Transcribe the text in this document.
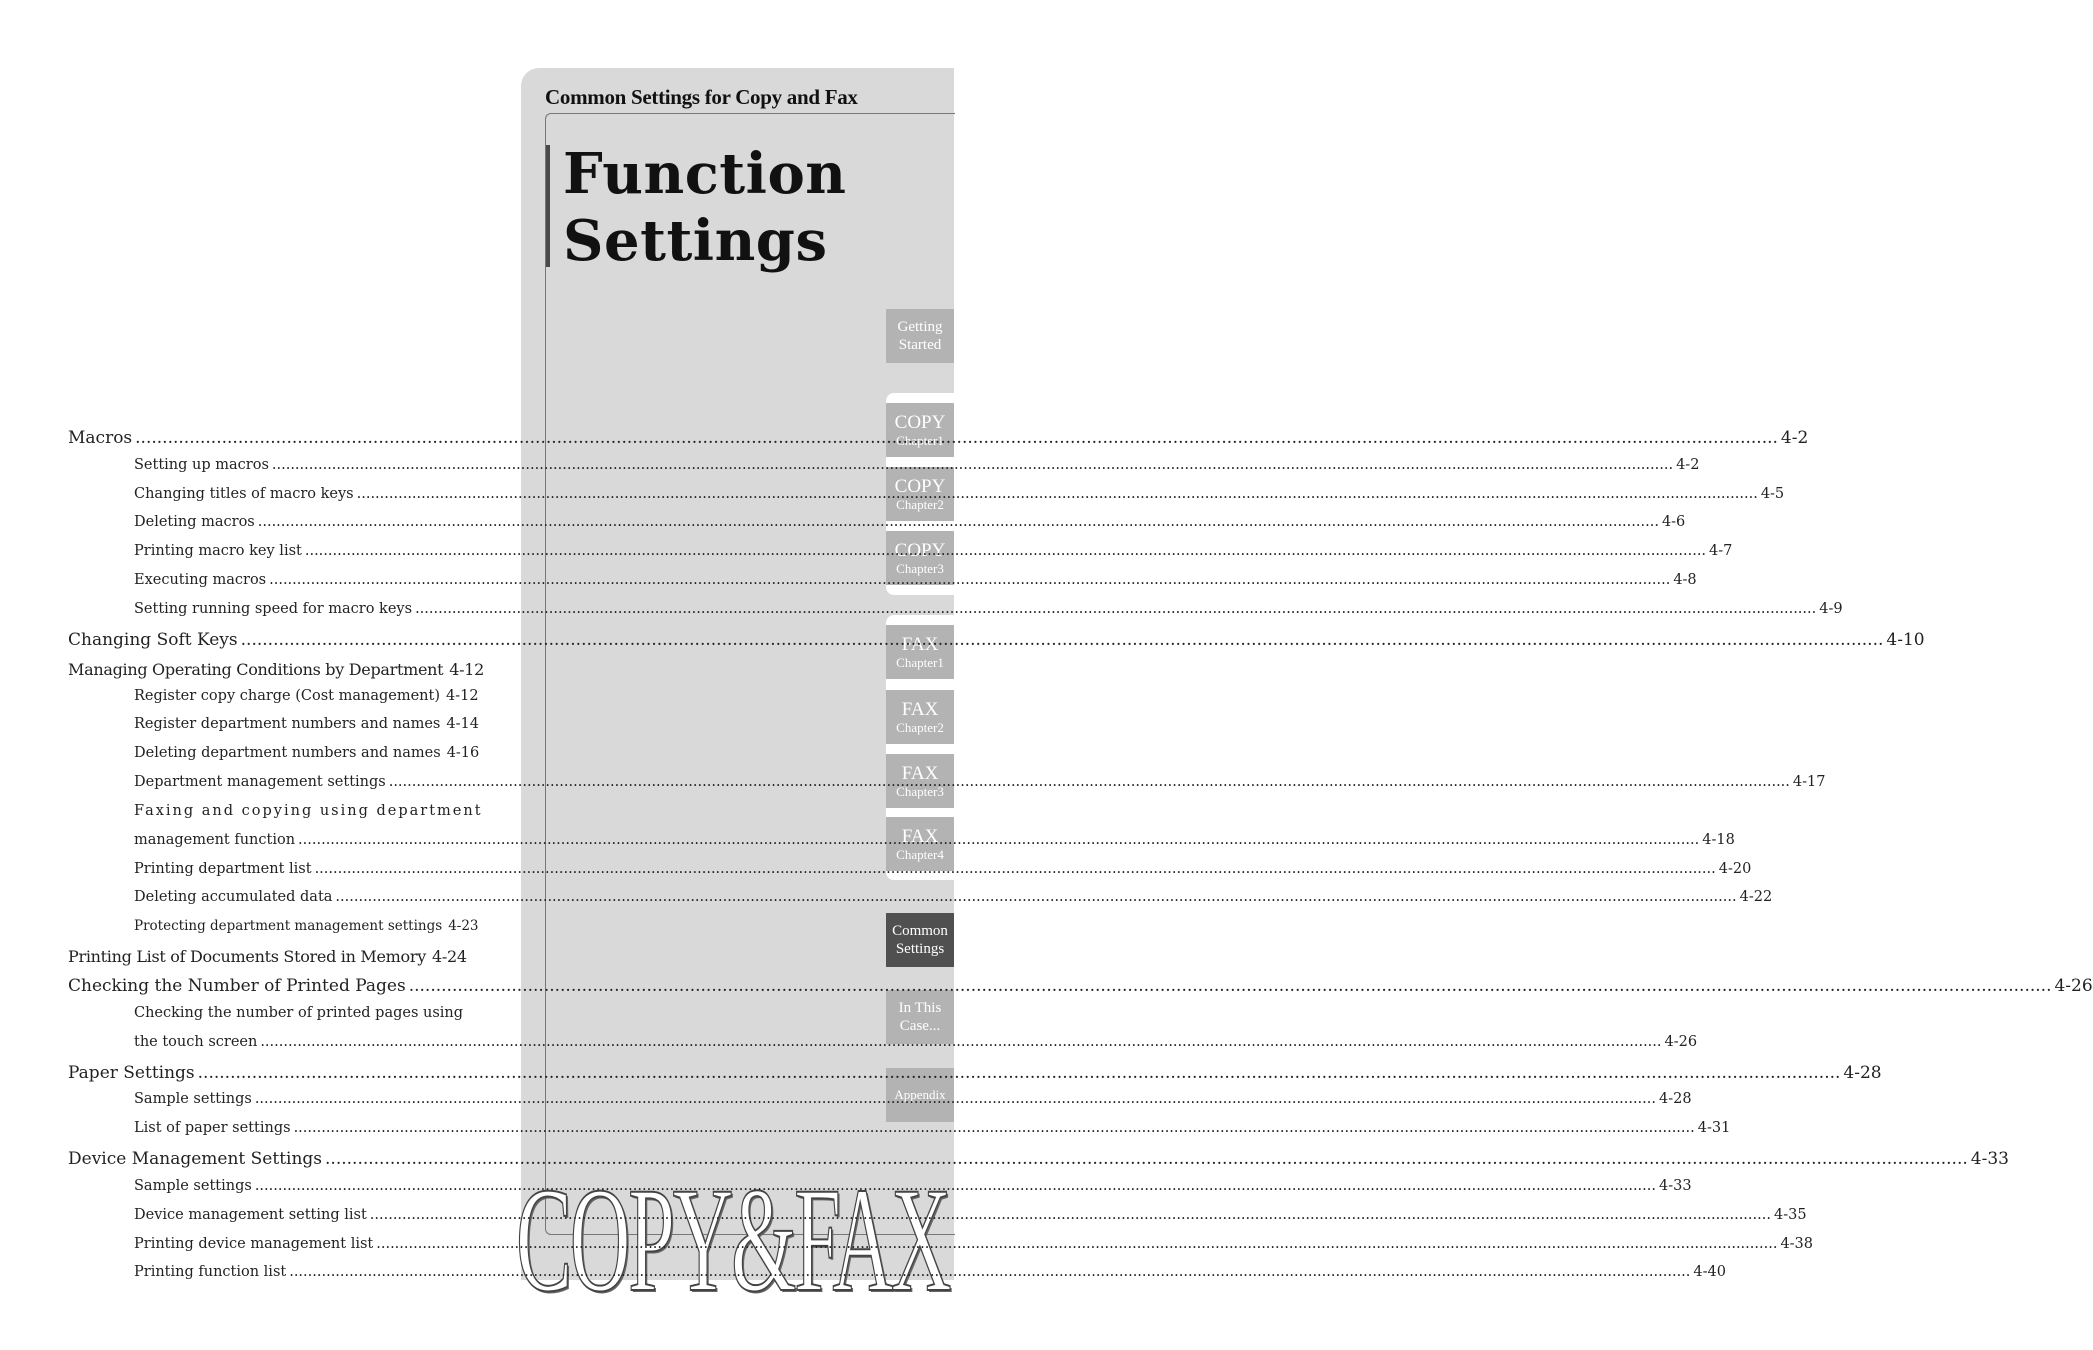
Common Settings for Copy and Fax
Function
Settings
COPY&FAX
Getting
Started
COPY
Chapter1
COPY
Chapter2
COPY
Chapter3
FAX
Chapter1
FAX
Chapter2
FAX
Chapter3
FAX
Chapter4
Common
Settings
In This
Case...
Appendix
Macros .....	4-2
Setting up macros .....	4-2
Changing titles of macro keys .....	4-5
Deleting macros .....	4-6
Printing macro key list .....	4-7
Executing macros .....	4-8
Setting running speed for macro keys .....	4-9
Changing Soft Keys .....	4-10
Managing Operating Conditions by Department 4-12
Register copy charge (Cost management) 4-12
Register department numbers and names 4-14
Deleting department numbers and names 4-16
Department management settings .....	4-17
Faxing and copying using department
management function .....	4-18
Printing department list .....	4-20
Deleting accumulated data .....	4-22
Protecting department management settings 4-23
Printing List of Documents Stored in Memory 4-24
Checking the Number of Printed Pages .....	4-26
Checking the number of printed pages using
the touch screen .....	4-26
Paper Settings .....	4-28
Sample settings .....	4-28
List of paper settings .....	4-31
Device Management Settings .....	4-33
Sample settings .....	4-33
Device management setting list .....	4-35
Printing device management list .....	4-38
Printing function list .....	4-40
